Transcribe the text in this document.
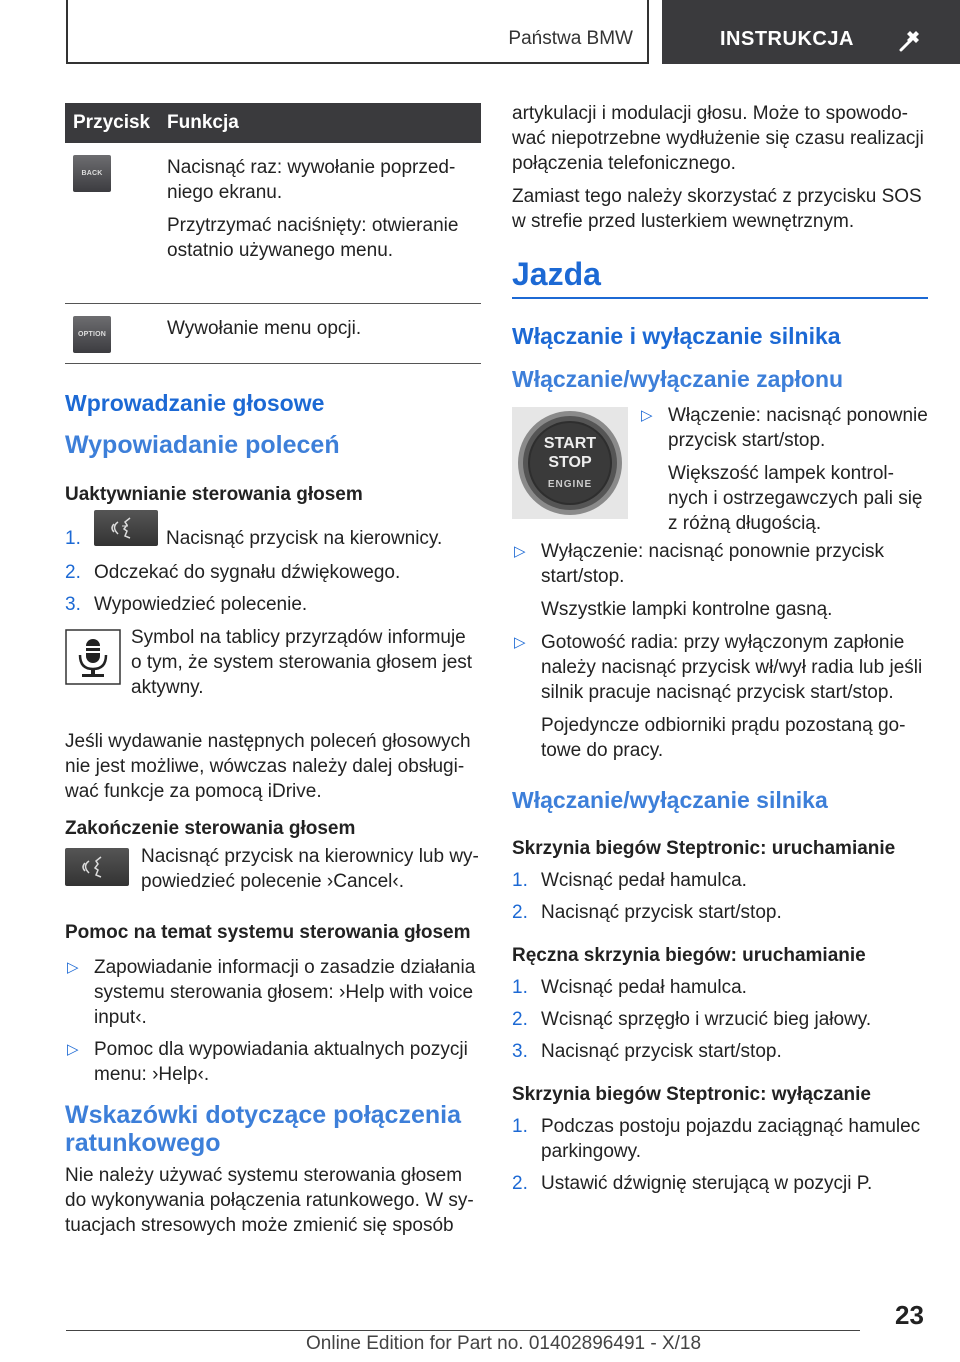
Państwa BMW	INSTRUKCJA
Przycisk	Funkcja

BACK	Nacisnąć raz: wywołanie poprzed-niego ekranu.

Przytrzymać naciśnięty: otwieranie ostatnio używanego menu.

OPTION	Wywołanie menu opcji.

Wprowadzanie głosowe
Wypowiadanie poleceń
Uaktywnianie sterowania głosem
1.	Nacisnąć przycisk na kierownicy.
2. Odczekać do sygnału dźwiękowego.
3. Wypowiedzieć polecenie.
Symbol na tablicy przyrządów informuje o tym, że system sterowania głosem jest aktywny.
Jeśli wydawanie następnych poleceń głosowych nie jest możliwe, wówczas należy dalej obsługi-wać funkcje za pomocą iDrive.
Zakończenie sterowania głosem
Nacisnąć przycisk na kierownicy lub wy-powiedzieć polecenie ›Cancel‹.
Pomoc na temat systemu sterowania głosem
▷ Zapowiadanie informacji o zasadzie działania systemu sterowania głosem: ›Help with voice input‹.
▷ Pomoc dla wypowiadania aktualnych pozycji menu: ›Help‹.
Wskazówki dotyczące połączenia ratunkowego
Nie należy używać systemu sterowania głosem do wykonywania połączenia ratunkowego. W sy-tuacjach stresowych może zmienić się sposób
artykulacji i modulacji głosu. Może to spowodo-wać niepotrzebne wydłużenie się czasu realizacji połączenia telefonicznego.
Zamiast tego należy skorzystać z przycisku SOS w strefie przed lusterkiem wewnętrznym.
Jazda
Włączanie i wyłączanie silnika
Włączanie/wyłączanie zapłonu
START
STOP
ENGINE
▷ Włączenie: nacisnąć ponownie przycisk start/stop.
Większość lampek kontrol-nych i ostrzegawczych pali się z różną długością.
▷ Wyłączenie: nacisnąć ponownie przycisk start/stop.
Wszystkie lampki kontrolne gasną.
▷ Gotowość radia: przy wyłączonym zapłonie należy nacisnąć przycisk wł/wył radia lub jeśli silnik pracuje nacisnąć przycisk start/stop.
Pojedyncze odbiorniki prądu pozostaną go-towe do pracy.
Włączanie/wyłączanie silnika
Skrzynia biegów Steptronic: uruchamianie
1. Wcisnąć pedał hamulca.
2. Nacisnąć przycisk start/stop.
Ręczna skrzynia biegów: uruchamianie
1. Wcisnąć pedał hamulca.
2. Wcisnąć sprzęgło i wrzucić bieg jałowy.
3. Nacisnąć przycisk start/stop.
Skrzynia biegów Steptronic: wyłączanie
1. Podczas postoju pojazdu zaciągnąć hamulec parkingowy.
2. Ustawić dźwignię sterującą w pozycji P.
23
Online Edition for Part no. 01402896491 - X/18
